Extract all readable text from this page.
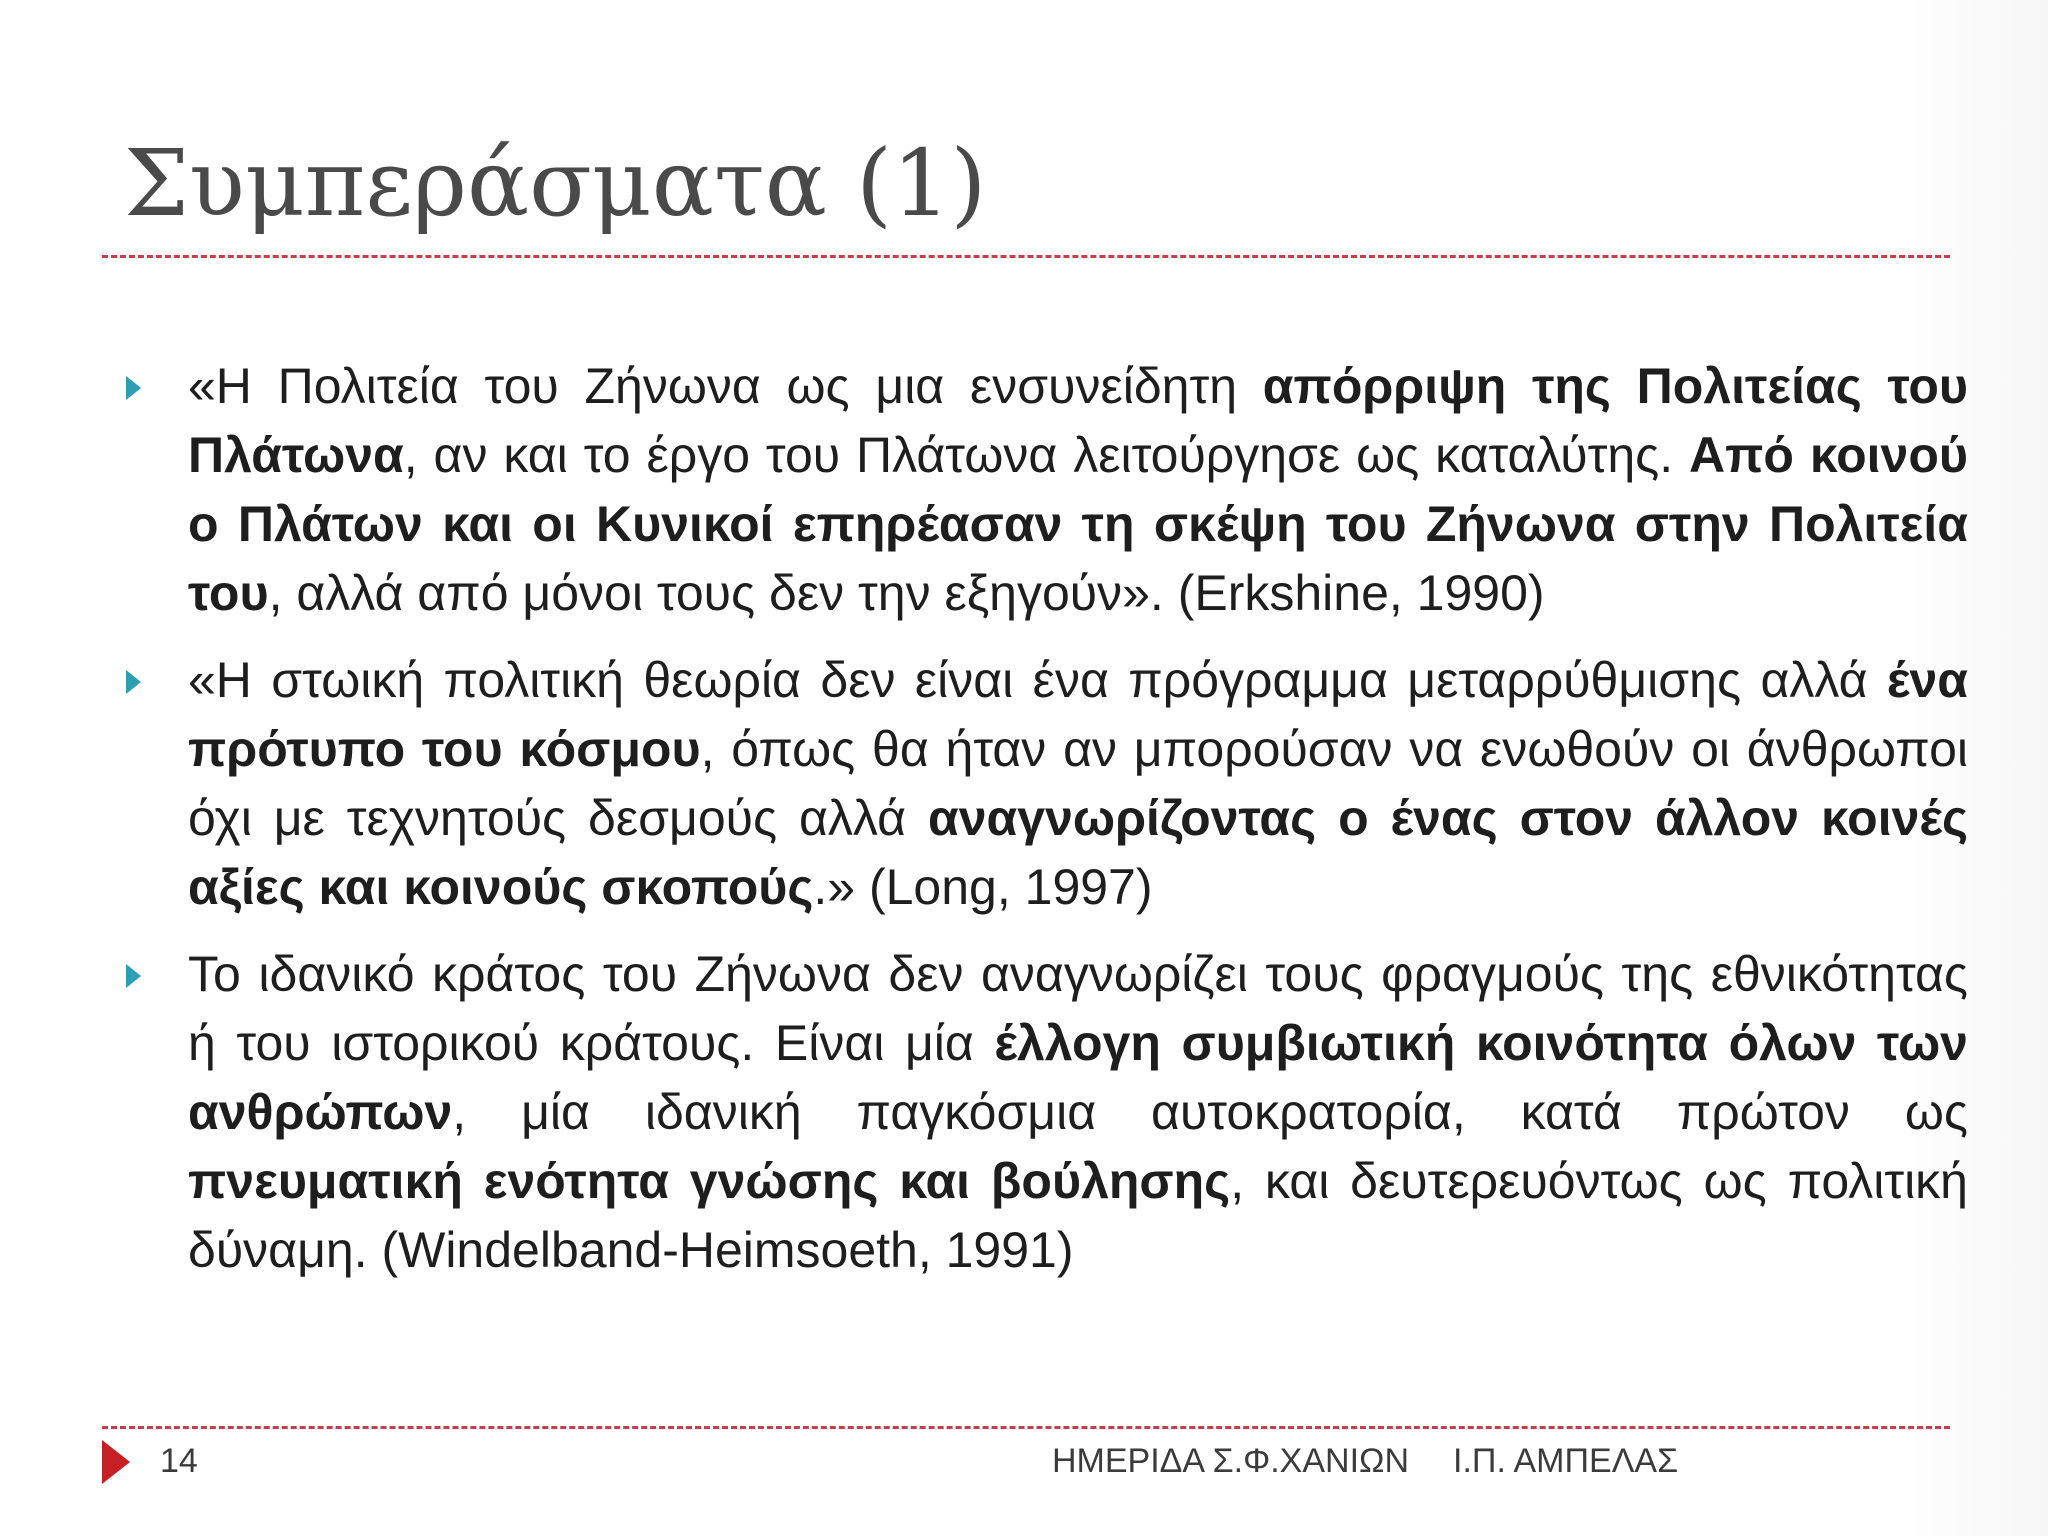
Συμπεράσματα (1)
«Η Πολιτεία του Ζήνωνα ως μια ενσυνείδητη απόρριψη της Πολιτείας του Πλάτωνα, αν και το έργο του Πλάτωνα λειτούργησε ως καταλύτης. Από κοινού ο Πλάτων και οι Κυνικοί επηρέασαν τη σκέψη του Ζήνωνα στην Πολιτεία του, αλλά από μόνοι τους δεν την εξηγούν». (Erkshine, 1990)
«Η στωική πολιτική θεωρία δεν είναι ένα πρόγραμμα μεταρρύθμισης αλλά ένα πρότυπο του κόσμου, όπως θα ήταν αν μπορούσαν να ενωθούν οι άνθρωποι όχι με τεχνητούς δεσμούς αλλά αναγνωρίζοντας ο ένας στον άλλον κοινές αξίες και κοινούς σκοπούς.» (Long, 1997)
Το ιδανικό κράτος του Ζήνωνα δεν αναγνωρίζει τους φραγμούς της εθνικότητας ή του ιστορικού κράτους. Είναι μία έλλογη συμβιωτική κοινότητα όλων των ανθρώπων, μία ιδανική παγκόσμια αυτοκρατορία, κατά πρώτον ως πνευματική ενότητα γνώσης και βούλησης, και δευτερευόντως ως πολιτική δύναμη. (Windelband-Heimsoeth, 1991)
14	ΗΜΕΡΙΔΑ Σ.Φ.ΧΑΝΙΩΝ Ι.Π. ΑΜΠΕΛΑΣ
